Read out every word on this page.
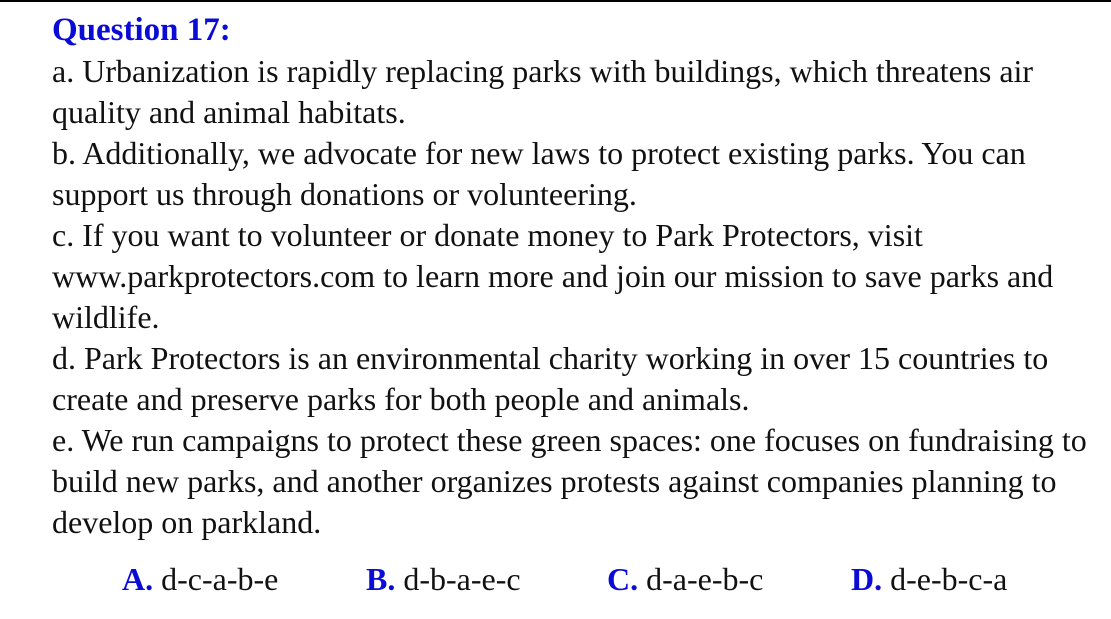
Question 17:

a. Urbanization is rapidly replacing parks with buildings, which threatens air quality and animal habitats.

b. Additionally, we advocate for new laws to protect existing parks. You can support us through donations or volunteering.

c. If you want to volunteer or donate money to Park Protectors, visit www.parkprotectors.com to learn more and join our mission to save parks and wildlife.

d. Park Protectors is an environmental charity working in over 15 countries to create and preserve parks for both people and animals.

e. We run campaigns to protect these green spaces: one focuses on fundraising to build new parks, and another organizes protests against companies planning to develop on parkland.

A. d-c-a-b-e	B. d-b-a-e-c	C. d-a-e-b-c	D. d-e-b-c-a
